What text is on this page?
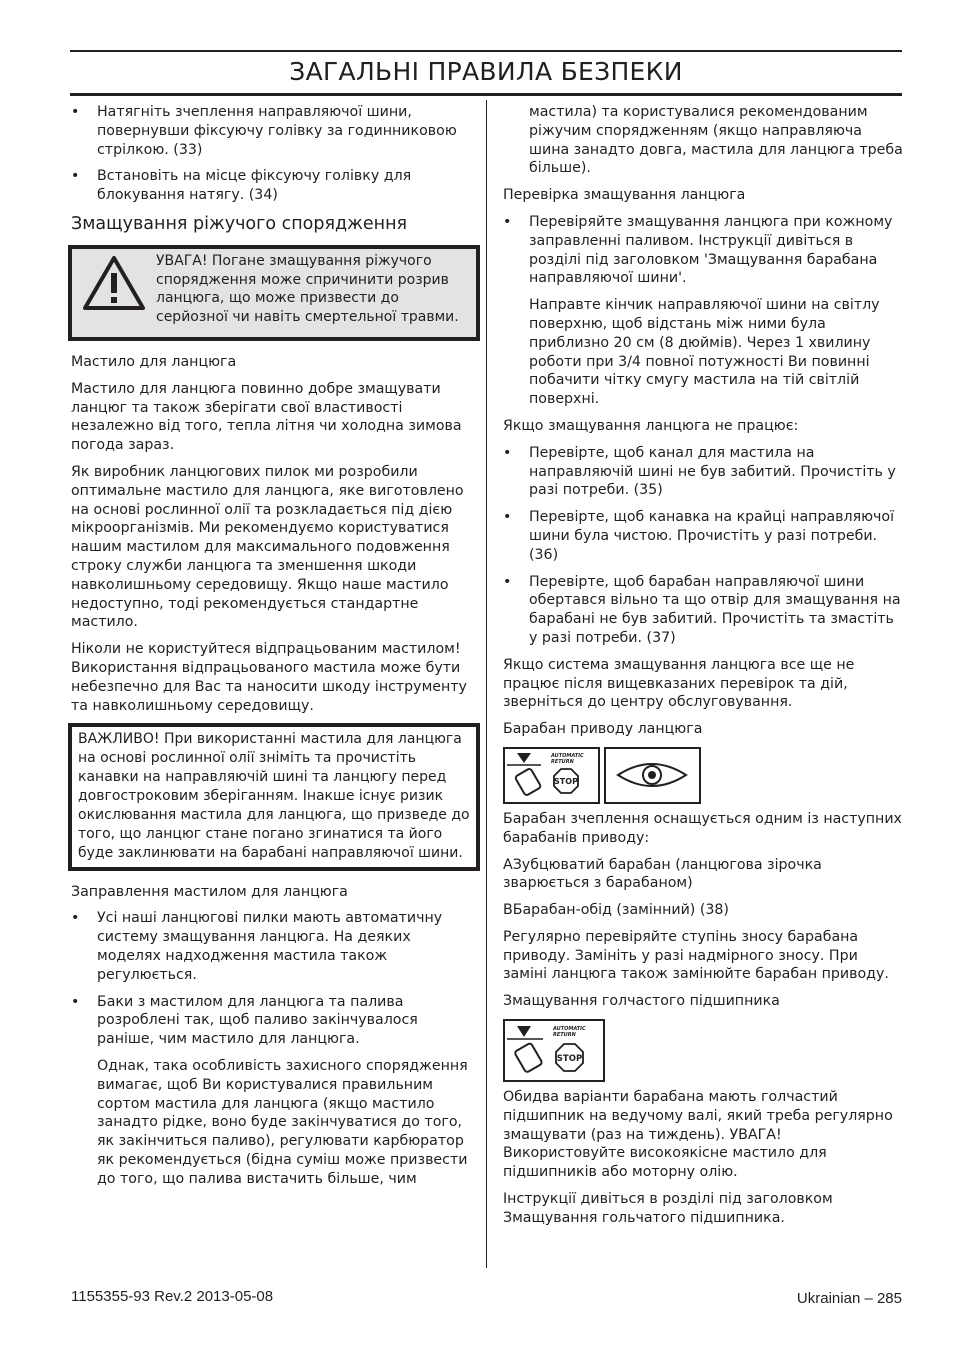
ЗАГАЛЬНІ ПРАВИЛА БЕЗПЕКИ
• Натягніть зчеплення направляючої шини, повернувши фіксуючу голівку за годинниковою стрілкою. (33)
• Встановіть на місце фіксуючу голівку для блокування натягу. (34)
Змащування ріжучого спорядження
УВАГА! Погане змащування ріжучого спорядження може спричинити розрив ланцюга, що може призвести до серйозної чи навіть смертельної травми.
Мастило для ланцюга
Мастило для ланцюга повинно добре змащувати ланцюг та також зберігати свої властивості незалежно від того, тепла літня чи холодна зимова погода зараз.
Як виробник ланцюгових пилок ми розробили оптимальне мастило для ланцюга, яке виготовлено на основі рослинної олії та розкладається під дією мікроорганізмів. Ми рекомендуємо користуватися нашим мастилом для максимального подовження строку служби ланцюга та зменшення шкоди навколишньому середовищу. Якщо наше мастило недоступно, тоді рекомендується стандартне мастило.
Ніколи не користуйтеся відпрацьованим мастилом! Використання відпрацьованого мастила може бути небезпечно для Вас та наносити шкоду інструменту та навколишньому середовищу.
ВАЖЛИВО! При використанні мастила для ланцюга на основі рослинної олії зніміть та прочистіть канавки на направляючій шині та ланцюгу перед довгостроковим зберіганням. Інакше існує ризик окислювання мастила для ланцюга, що призведе до того, що ланцюг стане погано згинатися та його буде заклинювати на барабані направляючої шини.
Заправлення мастилом для ланцюга
• Усі наші ланцюгові пилки мають автоматичну систему змащування ланцюга. На деяких моделях надходження мастила також регулюється.
• Баки з мастилом для ланцюга та палива розроблені так, щоб паливо закінчувалося раніше, чим мастило для ланцюга.
Однак, така особливість захисного спорядження вимагає, щоб Ви користувалися правильним сортом мастила для ланцюга (якщо мастило занадто рідке, воно буде закінчуватися до того, як закінчиться паливо), регулювати карбюратор як рекомендується (бідна суміш може призвести до того, що палива вистачить більше, чим
мастила) та користувалися рекомендованим ріжучим спорядженням (якщо направляюча шина занадто довга, мастила для ланцюга треба більше).
Перевірка змащування ланцюга
• Перевіряйте змащування ланцюга при кожному заправленні паливом. Інструкції дивіться в розділі під заголовком 'Змащування барабана направляючої шини'.
Направте кінчик направляючої шини на світлу поверхню, щоб відстань між ними була приблизно 20 см (8 дюймів). Через 1 хвилину роботи при 3/4 повної потужності Ви повинні побачити чітку смугу мастила на тій світлій поверхні.
Якщо змащування ланцюга не працює:
• Перевірте, щоб канал для мастила на направляючій шині не був забитий. Прочистіть у разі потреби. (35)
• Перевірте, щоб канавка на крайці направляючої шини була чистою. Прочистіть у разі потреби. (36)
• Перевірте, щоб барабан направляючої шини обертався вільно та що отвір для змащування на барабані не був забитий. Прочистіть та змастіть у разі потреби. (37)
Якщо система змащування ланцюга все ще не працює після вищевказаних перевірок та дій, зверніться до центру обслуговування.
Барабан приводу ланцюга
AUTOMATIC
RETURN
STOP
Барабан зчеплення оснащується одним із наступних барабанів приводу:
AЗубцюватий барабан (ланцюгова зірочка зварюється з барабаном)
BБарабан-обід (замінний) (38)
Регулярно перевіряйте ступінь зносу барабана приводу. Замініть у разі надмірного зносу. При заміні ланцюга також замінюйте барабан приводу.
Змащування голчастого підшипника
AUTOMATIC
RETURN
STOP
Обидва варіанти барабана мають голчастий підшипник на ведучому валі, який треба регулярно змащувати (раз на тиждень). УВАГА! Використовуйте високоякісне мастило для підшипників або моторну олію.
Інструкції дивіться в розділі під заголовком Змащування гольчатого підшипника.
1155355-93 Rev.2 2013-05-08	Ukrainian – 285
